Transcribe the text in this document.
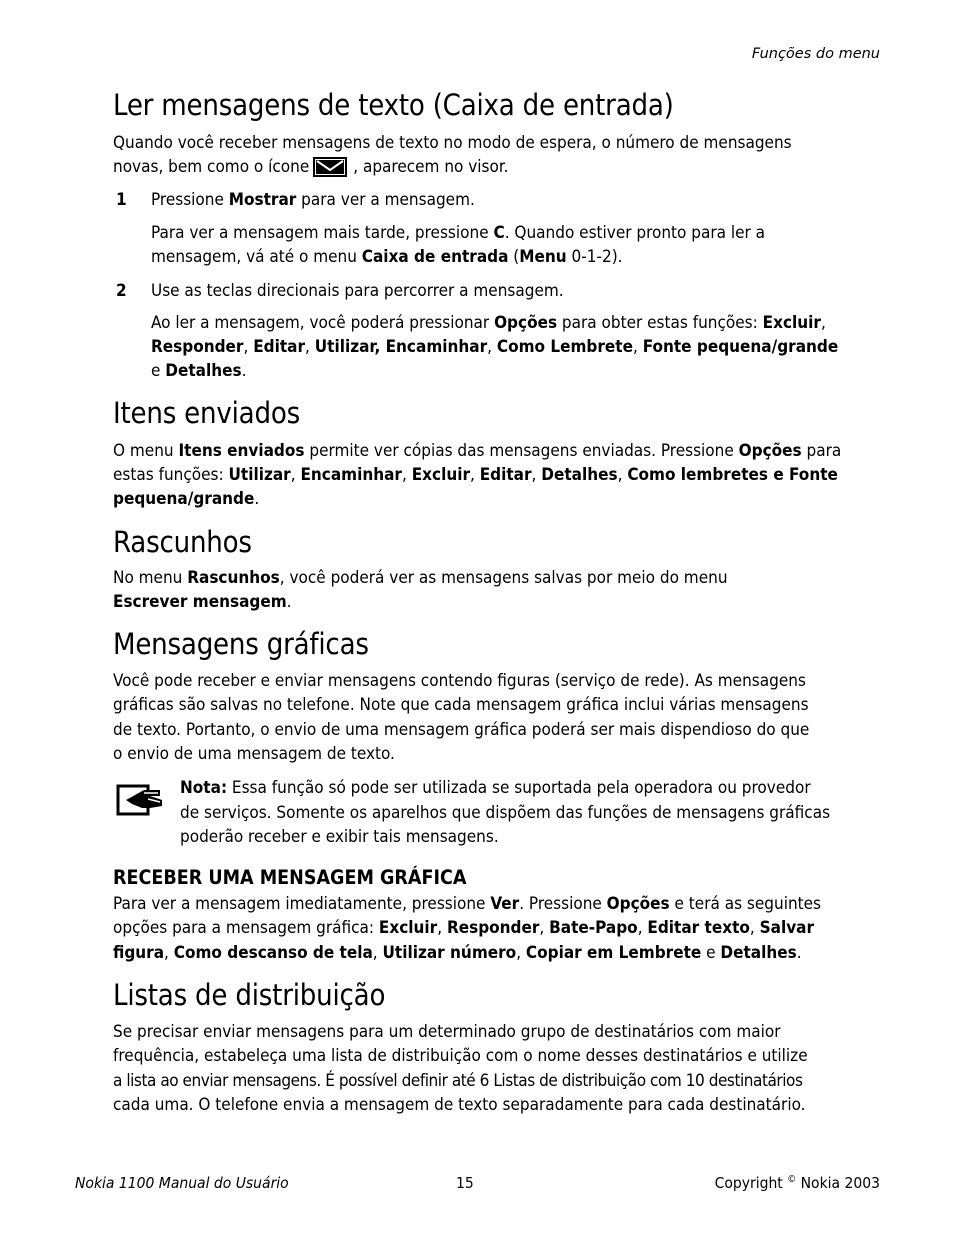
Funções do menu
Ler mensagens de texto (Caixa de entrada)

Quando você receber mensagens de texto no modo de espera, o número de mensagens

novas, bem como o ícone	, aparecem no visor.

1 Pressione Mostrar para ver a mensagem.

Para ver a mensagem mais tarde, pressione C. Quando estiver pronto para ler a

mensagem, vá até o menu Caixa de entrada (Menu 0-1-2).

2 Use as teclas direcionais para percorrer a mensagem.

Ao ler a mensagem, você poderá pressionar Opções para obter estas funções: Excluir,

Responder, Editar, Utilizar, Encaminhar, Como Lembrete, Fonte pequena/grande

e Detalhes.

Itens enviados

O menu Itens enviados permite ver cópias das mensagens enviadas. Pressione Opções para

estas funções: Utilizar, Encaminhar, Excluir, Editar, Detalhes, Como lembretes e Fonte

pequena/grande.

Rascunhos

No menu Rascunhos, você poderá ver as mensagens salvas por meio do menu

Escrever mensagem.

Mensagens gráficas

Você pode receber e enviar mensagens contendo figuras (serviço de rede). As mensagens

gráficas são salvas no telefone. Note que cada mensagem gráfica inclui várias mensagens

de texto. Portanto, o envio de uma mensagem gráfica poderá ser mais dispendioso do que

o envio de uma mensagem de texto.

Nota: Essa função só pode ser utilizada se suportada pela operadora ou provedor

de serviços. Somente os aparelhos que dispõem das funções de mensagens gráficas

poderão receber e exibir tais mensagens.

RECEBER UMA MENSAGEM GRÁFICA

Para ver a mensagem imediatamente, pressione Ver. Pressione Opções e terá as seguintes

opções para a mensagem gráfica: Excluir, Responder, Bate-Papo, Editar texto, Salvar

figura, Como descanso de tela, Utilizar número, Copiar em Lembrete e Detalhes.

Listas de distribuição

Se precisar enviar mensagens para um determinado grupo de destinatários com maior

frequência, estabeleça uma lista de distribuição com o nome desses destinatários e utilize

a lista ao enviar mensagens. É possível definir até 6 Listas de distribuição com 10 destinatários

cada uma. O telefone envia a mensagem de texto separadamente para cada destinatário.

Nokia 1100 Manual do Usuário	15	Copyright © Nokia 2003
